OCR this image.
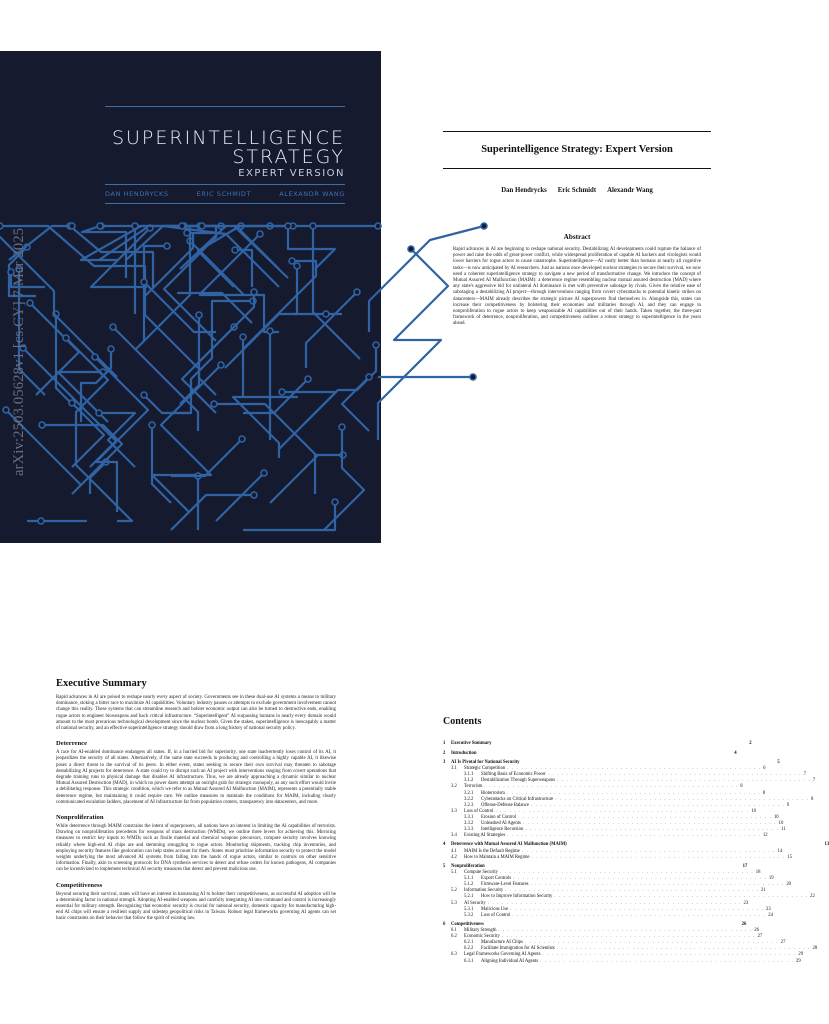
SUPERINTELLIGENCE
STRATEGY
EXPERT VERSION
DAN HENDRYCKS	ERIC SCHMIDT	ALEXANDR WANG
arXiv:2503.05628v1 [cs.CY] 7 Mar 2025
Superintelligence Strategy: Expert Version
Dan Hendrycks Eric Schmidt Alexandr Wang
Abstract
Rapid advances in AI are beginning to reshape national security. Destabilizing AI developments could rupture the balance of power and raise the odds of great-power conflict, while widespread proliferation of capable AI hackers and virologists would lower barriers for rogue actors to cause catastrophe. Superintelligence—AI vastly better than humans at nearly all cognitive tasks—is now anticipated by AI researchers. Just as nations once developed nuclear strategies to secure their survival, we now need a coherent superintelligence strategy to navigate a new period of transformative change. We introduce the concept of Mutual Assured AI Malfunction (MAIM): a deterrence regime resembling nuclear mutual assured destruction (MAD) where any state's aggressive bid for unilateral AI dominance is met with preventive sabotage by rivals. Given the relative ease of sabotaging a destabilizing AI project—through interventions ranging from covert cyberattacks to potential kinetic strikes on datacenters—MAIM already describes the strategic picture AI superpowers find themselves in. Alongside this, states can increase their competitiveness by bolstering their economies and militaries through AI, and they can engage in nonproliferation to rogue actors to keep weaponizable AI capabilities out of their hands. Taken together, the three-part framework of deterrence, nonproliferation, and competitiveness outlines a robust strategy to superintelligence in the years ahead.
Executive Summary

Rapid advances in AI are poised to reshape nearly every aspect of society. Governments see in these dual-use AI systems a means to military dominance, stoking a bitter race to maximize AI capabilities. Voluntary industry pauses or attempts to exclude government involvement cannot change this reality. These systems that can streamline research and bolster economic output can also be turned to destructive ends, enabling rogue actors to engineer bioweapons and hack critical infrastructure. “Superintelligent” AI surpassing humans in nearly every domain would amount to the most precarious technological development since the nuclear bomb. Given the stakes, superintelligence is inescapably a matter of national security, and an effective superintelligence strategy should draw from a long history of national security policy.

Deterrence

A race for AI-enabled dominance endangers all states. If, in a hurried bid for superiority, one state inadvertently loses control of its AI, it jeopardizes the security of all states. Alternatively, if the same state succeeds in producing and controlling a highly capable AI, it likewise poses a direct threat to the survival of its peers. In either event, states seeking to secure their own survival may threaten to sabotage destabilizing AI projects for deterrence. A state could try to disrupt such an AI project with interventions ranging from covert operations that degrade training runs to physical damage that disables AI infrastructure. Thus, we are already approaching a dynamic similar to nuclear Mutual Assured Destruction (MAD), in which no power dares attempt an outright grab for strategic monopoly, as any such effort would invite a debilitating response. This strategic condition, which we refer to as Mutual Assured AI Malfunction (MAIM), represents a potentially stable deterrence regime, but maintaining it could require care. We outline measures to maintain the conditions for MAIM, including clearly communicated escalation ladders, placement of AI infrastructure far from population centers, transparency into datacenters, and more.

Nonproliferation

While deterrence through MAIM constrains the intent of superpowers, all nations have an interest in limiting the AI capabilities of terrorists. Drawing on nonproliferation precedents for weapons of mass destruction (WMDs), we outline three levers for achieving this. Mirroring measures to restrict key inputs to WMDs such as fissile material and chemical weapons precursors, compute security involves knowing reliably where high-end AI chips are and stemming smuggling to rogue actors. Monitoring shipments, tracking chip inventories, and employing security features like geolocation can help states account for them. States must prioritize information security to protect the model weights underlying the most advanced AI systems from falling into the hands of rogue actors, similar to controls on other sensitive information. Finally, akin to screening protocols for DNA synthesis services to detect and refuse orders for known pathogens, AI companies can be incentivized to implement technical AI security measures that detect and prevent malicious use.

Competitiveness

Beyond securing their survival, states will have an interest in harnessing AI to bolster their competitiveness, as successful AI adoption will be a determining factor in national strength. Adopting AI-enabled weapons and carefully integrating AI into command and control is increasingly essential for military strength. Recognizing that economic security is crucial for national security, domestic capacity for manufacturing high-end AI chips will ensure a resilient supply and sidestep geopolitical risks in Taiwan. Robust legal frameworks governing AI agents can set basic constraints on their behavior that follow the spirit of existing law.

Contents
1	Executive Summary	2
2	Introduction	4
3	AI Is Pivotal for National Security	5
3.1	Strategic Competition . . . . . . . . . . . . . . . . . . . . . . . . . . . . . . . . . . . . . . . . . . . . . . . . . . . . . . 6
3.1.1	Shifting Basis of Economic Power . . . . . . . . . . . . . . . . . . . . . . . . . . . . . . . . . . . . . . . . . . . . . . . . . . . . . . 7
3.1.2	Destabilization Through Superweapons . . . . . . . . . . . . . . . . . . . . . . . . . . . . . . . . . . . . . . . . . . . . . . . . . . . . . . 7
3.2	Terrorism . . . . . . . . . . . . . . . . . . . . . . . . . . . . . . . . . . . . . . . . . . . . . . . . . . . . . . 8
3.2.1	Bioterrorism . . . . . . . . . . . . . . . . . . . . . . . . . . . . . . . . . . . . . . . . . . . . . . . . . . . . . . 8
3.2.2	Cyberattacks on Critical Infrastructure . . . . . . . . . . . . . . . . . . . . . . . . . . . . . . . . . . . . . . . . . . . . . . . . . . . . . . 8
3.2.3	Offense-Defense Balance . . . . . . . . . . . . . . . . . . . . . . . . . . . . . . . . . . . . . . . . . . . . . . . . . . . . . . 9
3.3	Loss of Control . . . . . . . . . . . . . . . . . . . . . . . . . . . . . . . . . . . . . . . . . . . . . . . . . . . . . . 10
3.3.1	Erosion of Control . . . . . . . . . . . . . . . . . . . . . . . . . . . . . . . . . . . . . . . . . . . . . . . . . . . . . . 10
3.3.2	Unleashed AI Agents . . . . . . . . . . . . . . . . . . . . . . . . . . . . . . . . . . . . . . . . . . . . . . . . . . . . . . 10
3.3.3	Intelligence Recursion . . . . . . . . . . . . . . . . . . . . . . . . . . . . . . . . . . . . . . . . . . . . . . . . . . . . . . 11
3.4	Existing AI Strategies . . . . . . . . . . . . . . . . . . . . . . . . . . . . . . . . . . . . . . . . . . . . . . . . . . . . . . 12
4	Deterrence with Mutual Assured AI Malfunction (MAIM)	13
4.1	MAIM Is the Default Regime . . . . . . . . . . . . . . . . . . . . . . . . . . . . . . . . . . . . . . . . . . . . . . . . . . . . . . 14
4.2	How to Maintain a MAIM Regime . . . . . . . . . . . . . . . . . . . . . . . . . . . . . . . . . . . . . . . . . . . . . . . . . . . . . . 15
5	Nonproliferation	17
5.1	Compute Security . . . . . . . . . . . . . . . . . . . . . . . . . . . . . . . . . . . . . . . . . . . . . . . . . . . . . . 18
5.1.1	Export Controls . . . . . . . . . . . . . . . . . . . . . . . . . . . . . . . . . . . . . . . . . . . . . . . . . . . . . . 19
5.1.2	Firmware-Level Features . . . . . . . . . . . . . . . . . . . . . . . . . . . . . . . . . . . . . . . . . . . . . . . . . . . . . . 20
5.2	Information Security . . . . . . . . . . . . . . . . . . . . . . . . . . . . . . . . . . . . . . . . . . . . . . . . . . . . . . 21
5.2.1	How to Improve Information Security . . . . . . . . . . . . . . . . . . . . . . . . . . . . . . . . . . . . . . . . . . . . . . . . . . . . . . 22
5.3	AI Security . . . . . . . . . . . . . . . . . . . . . . . . . . . . . . . . . . . . . . . . . . . . . . . . . . . . . . 23
5.3.1	Malicious Use . . . . . . . . . . . . . . . . . . . . . . . . . . . . . . . . . . . . . . . . . . . . . . . . . . . . . . 23
5.3.2	Loss of Control . . . . . . . . . . . . . . . . . . . . . . . . . . . . . . . . . . . . . . . . . . . . . . . . . . . . . . 24
6	Competitiveness	26
6.1	Military Strength . . . . . . . . . . . . . . . . . . . . . . . . . . . . . . . . . . . . . . . . . . . . . . . . . . . . . . 26
6.2	Economic Security . . . . . . . . . . . . . . . . . . . . . . . . . . . . . . . . . . . . . . . . . . . . . . . . . . . . . . 27
6.2.1	Manufacture AI Chips . . . . . . . . . . . . . . . . . . . . . . . . . . . . . . . . . . . . . . . . . . . . . . . . . . . . . . 27
6.2.2	Facilitate Immigration for AI Scientists . . . . . . . . . . . . . . . . . . . . . . . . . . . . . . . . . . . . . . . . . . . . . . . . . . . . . . 28
6.3	Legal Frameworks Governing AI Agents . . . . . . . . . . . . . . . . . . . . . . . . . . . . . . . . . . . . . . . . . . . . . . . . . . . . . . 29
6.3.1	Aligning Individual AI Agents . . . . . . . . . . . . . . . . . . . . . . . . . . . . . . . . . . . . . . . . . . . . . . . . . . . . . . 29
